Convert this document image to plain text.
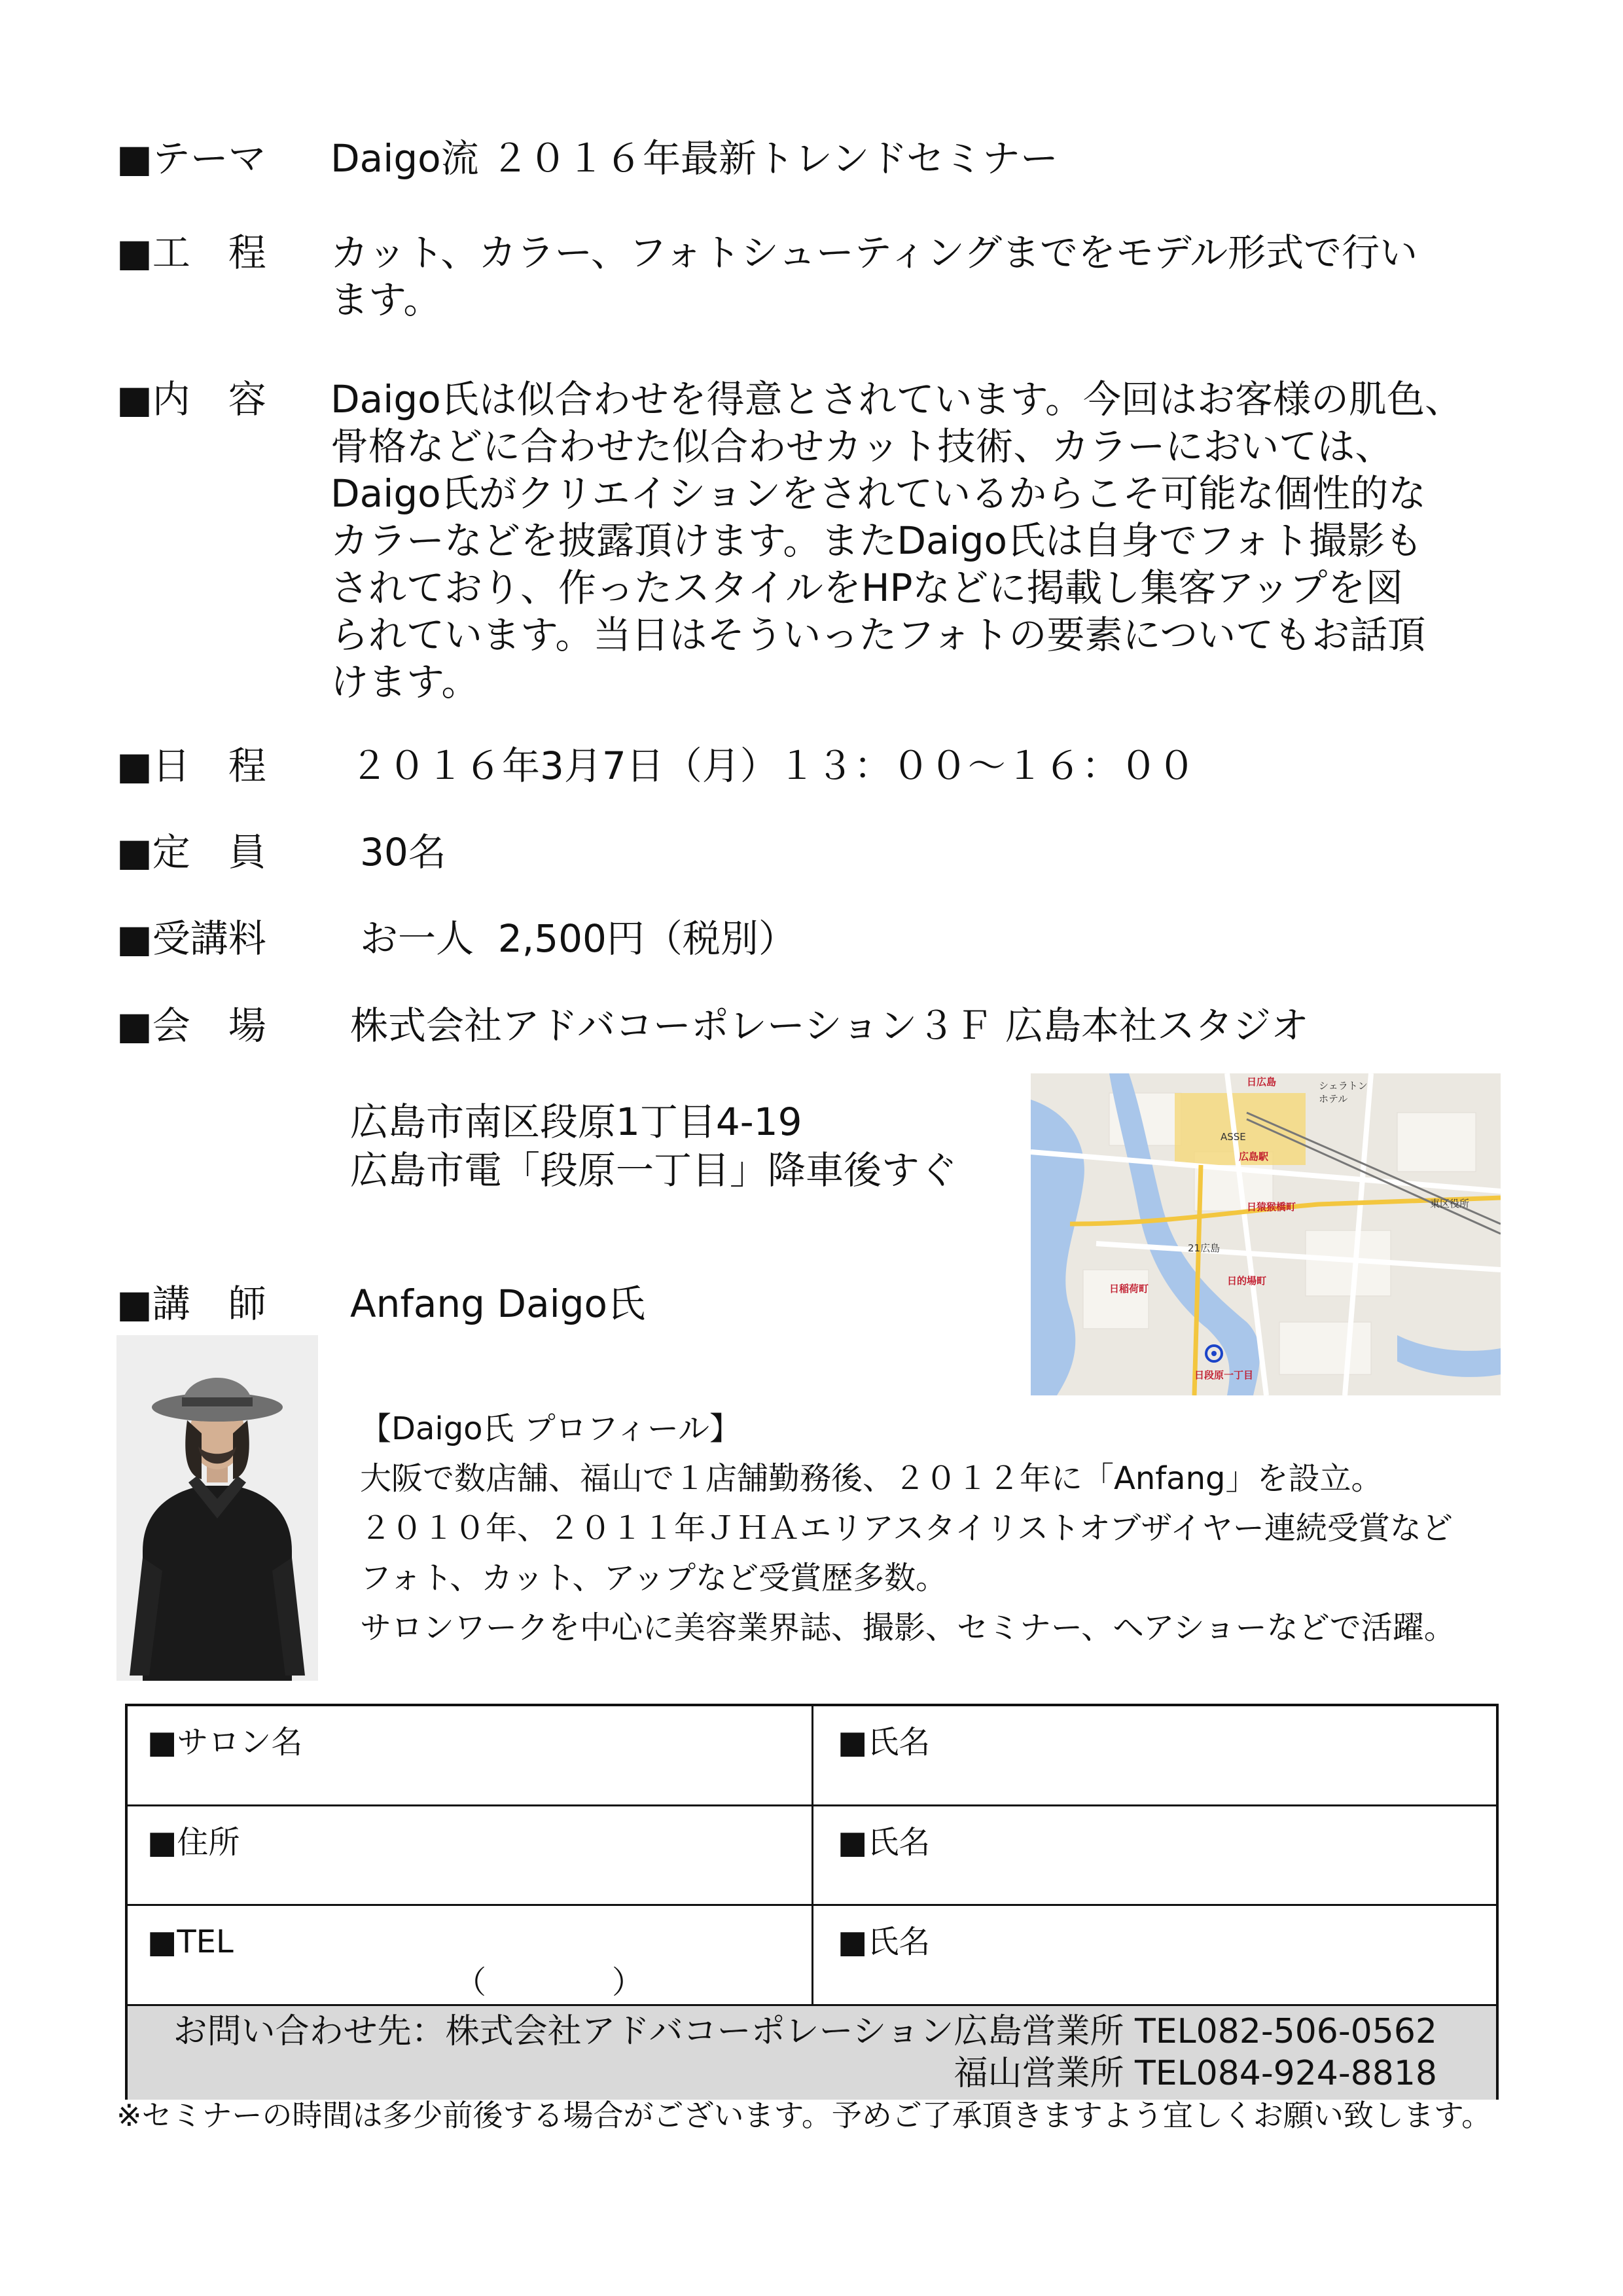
■テーマ Daigo流 ２０１６年最新トレンドセミナー
■工　程 カット、カラー、フォトシューティングまでをモデル形式で行い
ます。
■内　容 Daigo氏は似合わせを得意とされています。今回はお客様の肌色、
骨格などに合わせた似合わせカット技術、カラーにおいては、
Daigo氏がクリエイションをされているからこそ可能な個性的な
カラーなどを披露頂けます。またDaigo氏は自身でフォト撮影も
されており、作ったスタイルをHPなどに掲載し集客アップを図
られています。当日はそういったフォトの要素についてもお話頂
けます。
■日　程 ２０１６年3月7日（月）１３：００～１６：００
■定　員 30名
■受講料 お一人  2,500円（税別）
■会　場 株式会社アドバコーポレーション３Ｆ 広島本社スタジオ
広島市南区段原1丁目4-19
広島市電「段原一丁目」降車後すぐ
日広島
広島駅
日猿猴橋町
日的場町
日稲荷町
日段原一丁目
シェラトン
ホテル
ASSE
21広島
東区役所
■講　師 Anfang Daigo氏
【Daigo氏 プロフィール】
大阪で数店舗、福山で１店舗勤務後、２０１２年に「Anfang」を設立。
２０１０年、２０１１年ＪＨＡエリアスタイリストオブザイヤー連続受賞など
フォト、カット、アップなど受賞歴多数。
サロンワークを中心に美容業界誌、撮影、セミナー、ヘアショーなどで活躍。
■サロン名	■氏名
■住所	■氏名
■TEL
（　　　　）
■氏名
お問い合わせ先：株式会社アドバコーポレーション広島営業所 TEL082-506-0562
福山営業所 TEL084-924-8818
※セミナーの時間は多少前後する場合がございます。予めご了承頂きますよう宜しくお願い致します。
